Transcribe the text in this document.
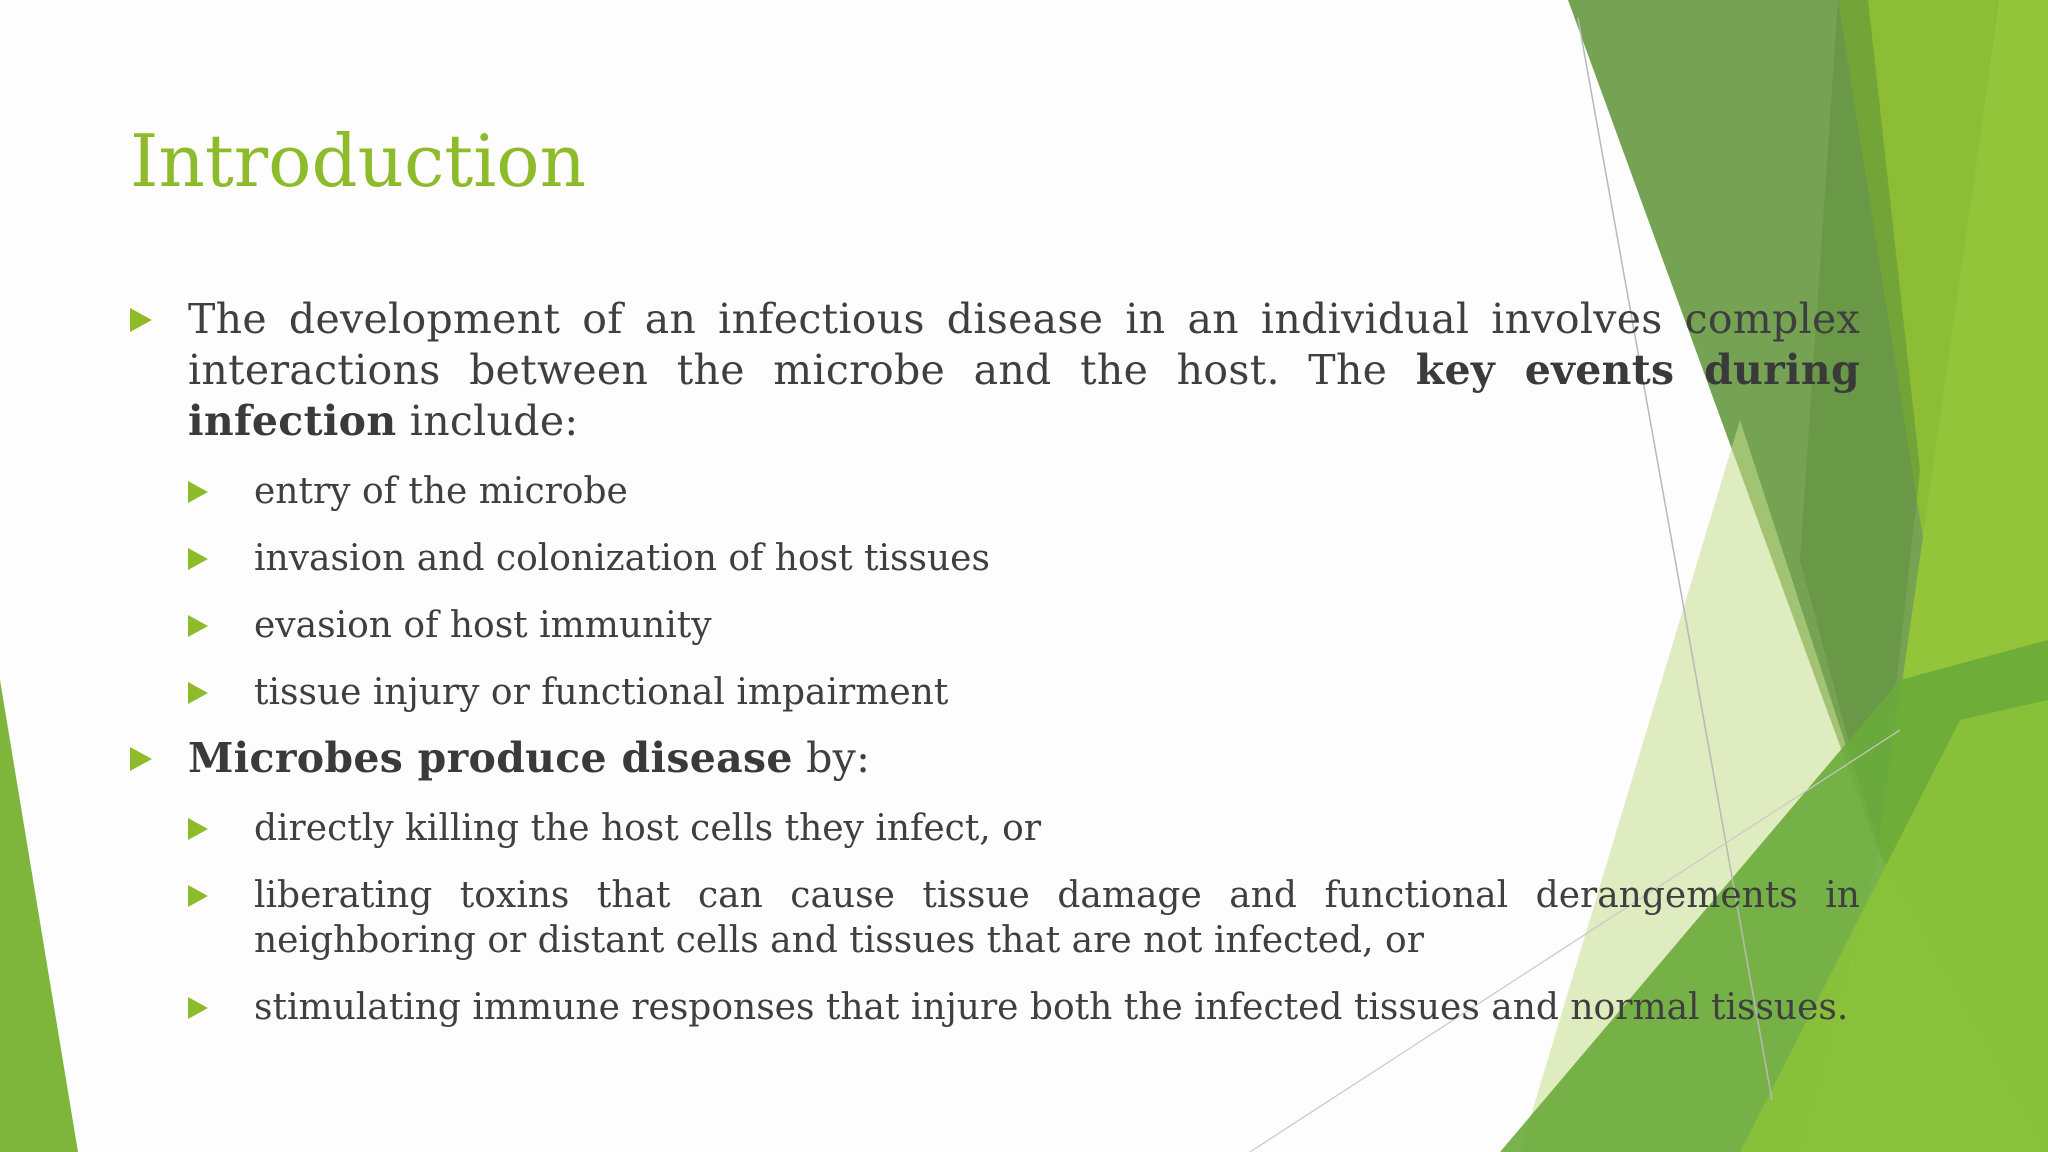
Introduction
The development of an infectious disease in an individual involves complex interactions between the microbe and the host. The key events during infection include:
entry of the microbe
invasion and colonization of host tissues
evasion of host immunity
tissue injury or functional impairment
Microbes produce disease by:
directly killing the host cells they infect, or
liberating toxins that can cause tissue damage and functional derangements in neighboring or distant cells and tissues that are not infected, or
stimulating immune responses that injure both the infected tissues and normal tissues.
